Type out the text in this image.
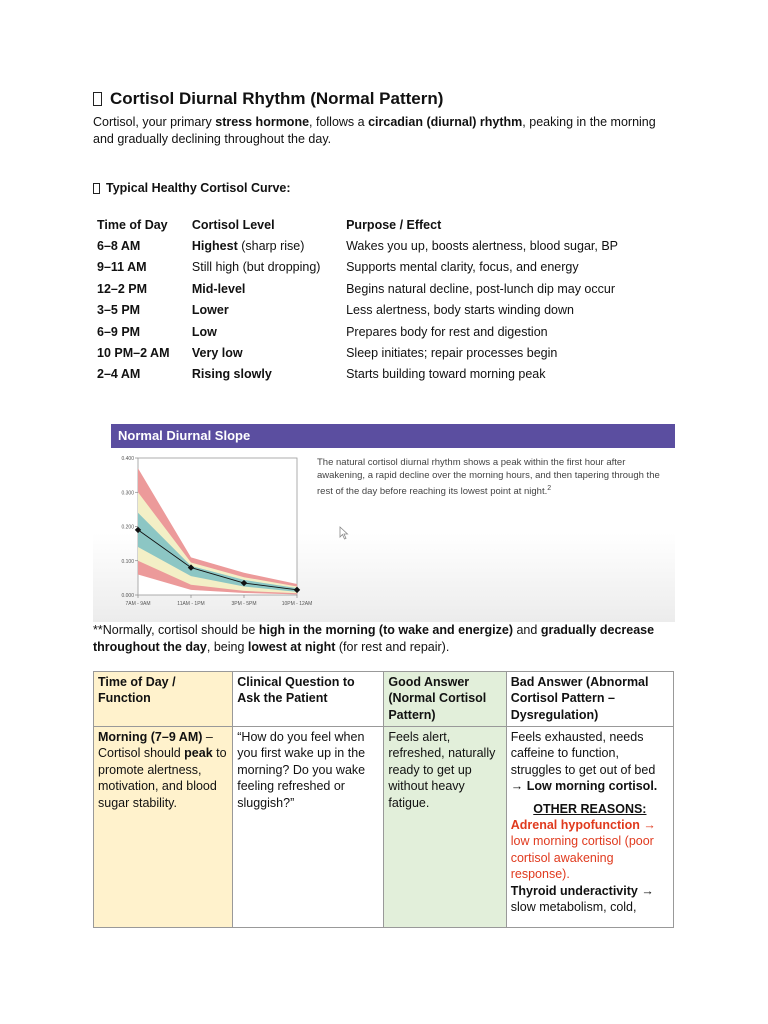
Cortisol Diurnal Rhythm (Normal Pattern)

Cortisol, your primary stress hormone, follows a circadian (diurnal) rhythm, peaking in the morning and gradually declining throughout the day.

Typical Healthy Cortisol Curve:
Time of Day	Cortisol Level	Purpose / Effect
6–8 AM	Highest (sharp rise)	Wakes you up, boosts alertness, blood sugar, BP
9–11 AM	Still high (but dropping)	Supports mental clarity, focus, and energy
12–2 PM	Mid-level	Begins natural decline, post-lunch dip may occur
3–5 PM	Lower	Less alertness, body starts winding down
6–9 PM	Low	Prepares body for rest and digestion
10 PM–2 AM	Very low	Sleep initiates; repair processes begin
2–4 AM	Rising slowly	Starts building toward morning peak
Normal Diurnal Slope
0.000
0.100
0.200
0.300
0.400
7AM - 9AM	11AM - 1PM	3PM - 5PM	10PM - 12AM
The natural cortisol diurnal rhythm shows a peak within the first hour after awakening, a rapid decline over the morning hours, and then tapering through the rest of the day before reaching its lowest point at night.$^2$

**Normally, cortisol should be high in the morning (to wake and energize) and gradually decrease throughout the day, being lowest at night (for rest and repair).

Time of Day / Function	Clinical Question to Ask the Patient	Good Answer (Normal Cortisol Pattern)	Bad Answer (Abnormal Cortisol Pattern – Dysregulation)
Morning (7–9 AM) – Cortisol should peak to promote alertness, motivation, and blood sugar stability.	“How do you feel when you first wake up in the morning? Do you wake feeling refreshed or sluggish?”	Feels alert, refreshed, naturally ready to get up without heavy fatigue.	Feels exhausted, needs caffeine to function, struggles to get out of bed → Low morning cortisol.
OTHER REASONS:
Adrenal hypofunction → low morning cortisol (poor cortisol awakening response).
Thyroid underactivity → slow metabolism, cold,
